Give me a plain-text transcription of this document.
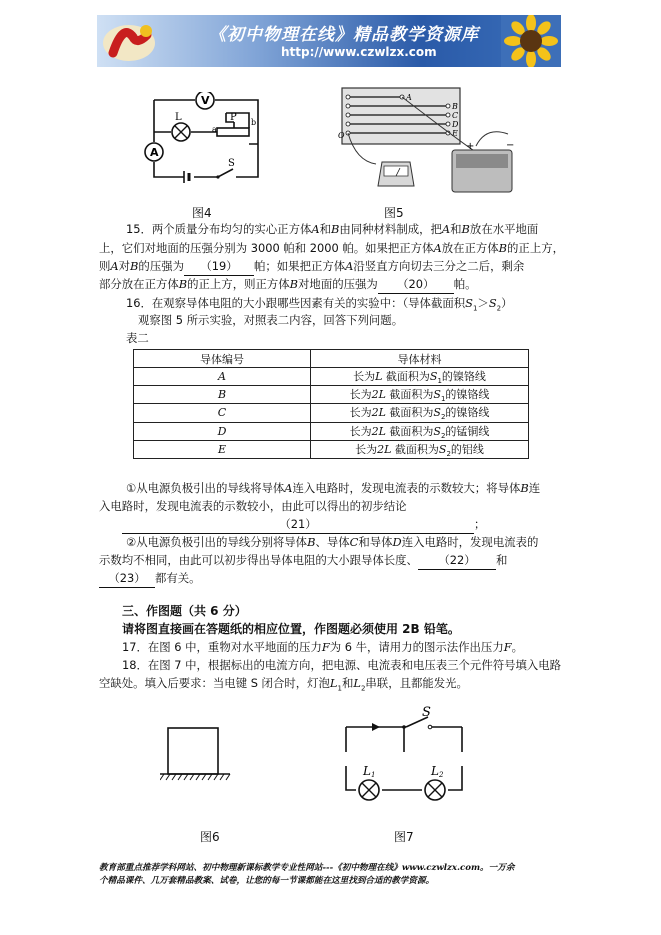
《初中物理在线》精品教学资源库
http://www.czwlzx.com
V
A
L	P
a
b
S
A
B
C
D
E
O
+	−
图4	图5
15．两个质量分布均匀的实心正方体A和B由同种材料制成，把A和B放在水平地面
上，它们对地面的压强分别为 3000 帕和 2000 帕。如果把正方体A放在正方体B的正上方，
则A对B的压强为 （19） 帕；如果把正方体A沿竖直方向切去三分之二后，剩余
部分放在正方体B的正上方，则正方体B对地面的压强为 （20） 帕。
16．在观察导体电阻的大小跟哪些因素有关的实验中：（导体截面积$S_1>S_2$）
观察图 5 所示实验，对照表二内容，回答下列问题。
表二
导体编号	导体材料
A	长为L 截面积为$S_1$的镍铬线
B	长为2L 截面积为$S_1$的镍铬线
C	长为2L 截面积为$S_2$的镍铬线
D	长为2L 截面积为$S_2$的锰铜线
E	长为2L 截面积为$S_2$的铝线
①从电源负极引出的导线将导体A连入电路时，发现电流表的示数较大；将导体B连
入电路时，发现电流表的示数较小，由此可以得出的初步结论
（21）	；
②从电源负极引出的导线分别将导体B、导体C和导体D连入电路时，发现电流表的
示数均不相同，由此可以初步得出导体电阻的大小跟导体长度、 （22） 和
（23） 都有关。
三、作图题（共 6 分）
请将图直接画在答题纸的相应位置，作图题必须使用 2B 铅笔。
17．在图 6 中，重物对水平地面的压力F为 6 牛，请用力的图示法作出压力F。
18．在图 7 中，根据标出的电流方向，把电源、电流表和电压表三个元件符号填入电路
空缺处。填入后要求：当电键 S 闭合时，灯泡$L_1$和$L_2$串联，且都能发光。
S
L 1	L 2
图6	图7
教育部重点推荐学科网站、初中物理新课标教学专业性网站---《初中物理在线》www.czwlzx.com。一万余
个精品课件、几万套精品教案、试卷，让您的每一节课都能在这里找到合适的教学资源。
